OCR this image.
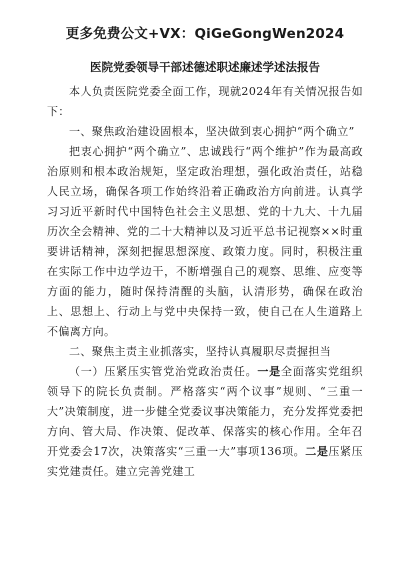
更多免费公文+VX：QiGeGongWen2024
医院党委领导干部述德述职述廉述学述法报告

本人负责医院党委全面工作，现就2024年有关情况报告如下：

一、聚焦政治建设固根本，坚决做到衷心拥护“两个确立”

把衷心拥护“两个确立”、忠诚践行“两个维护”作为最高政治原则和根本政治规矩，坚定政治理想，强化政治责任，站稳人民立场，确保各项工作始终沿着正确政治方向前进。认真学习习近平新时代中国特色社会主义思想、党的十九大、十九届历次全会精神、党的二十大精神以及习近平总书记视察××时重要讲话精神，深刻把握思想深度、政策力度。同时，积极注重在实际工作中边学边干，不断增强自己的观察、思维、应变等方面的能力，随时保持清醒的头脑，认清形势，确保在政治上、思想上、行动上与党中央保持一致，使自己在人生道路上不偏离方向。

二、聚焦主责主业抓落实，坚持认真履职尽责握担当

（一）压紧压实管党治党政治责任。一是全面落实党组织领导下的院长负责制。严格落实“两个议事”规则、“三重一大”决策制度，进一步健全党委议事决策能力，充分发挥党委把方向、管大局、作决策、促改革、保落实的核心作用。全年召开党委会17次，决策落实“三重一大”事项136项。二是压紧压实党建责任。建立完善党建工
